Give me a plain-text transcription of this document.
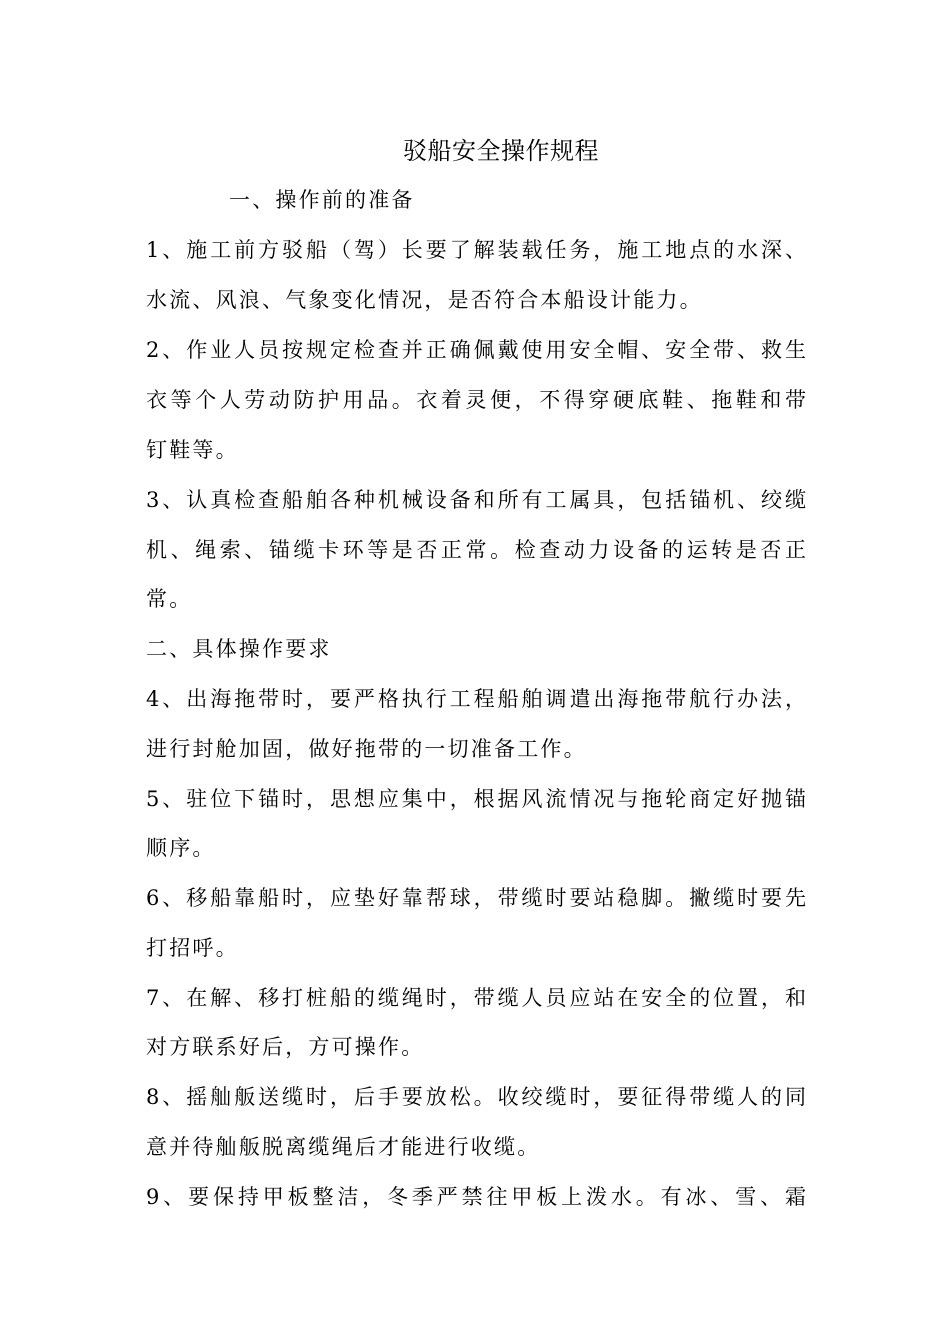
驳船安全操作规程
一、操作前的准备
1、施工前方驳船（驾）长要了解装载任务，施工地点的水深、
水流、风浪、气象变化情况，是否符合本船设计能力。
2、作业人员按规定检查并正确佩戴使用安全帽、安全带、救生
衣等个人劳动防护用品。衣着灵便，不得穿硬底鞋、拖鞋和带
钉鞋等。
3、认真检查船舶各种机械设备和所有工属具，包括锚机、绞缆
机、绳索、锚缆卡环等是否正常。检查动力设备的运转是否正
常。
二、具体操作要求
4、出海拖带时，要严格执行工程船舶调遣出海拖带航行办法，
进行封舱加固，做好拖带的一切准备工作。
5、驻位下锚时，思想应集中，根据风流情况与拖轮商定好抛锚
顺序。
6、移船靠船时，应垫好靠帮球，带缆时要站稳脚。撇缆时要先
打招呼。
7、在解、移打桩船的缆绳时，带缆人员应站在安全的位置，和
对方联系好后，方可操作。
8、摇舢舨送缆时，后手要放松。收绞缆时，要征得带缆人的同
意并待舢舨脱离缆绳后才能进行收缆。
9、要保持甲板整洁，冬季严禁往甲板上泼水。有冰、雪、霜
